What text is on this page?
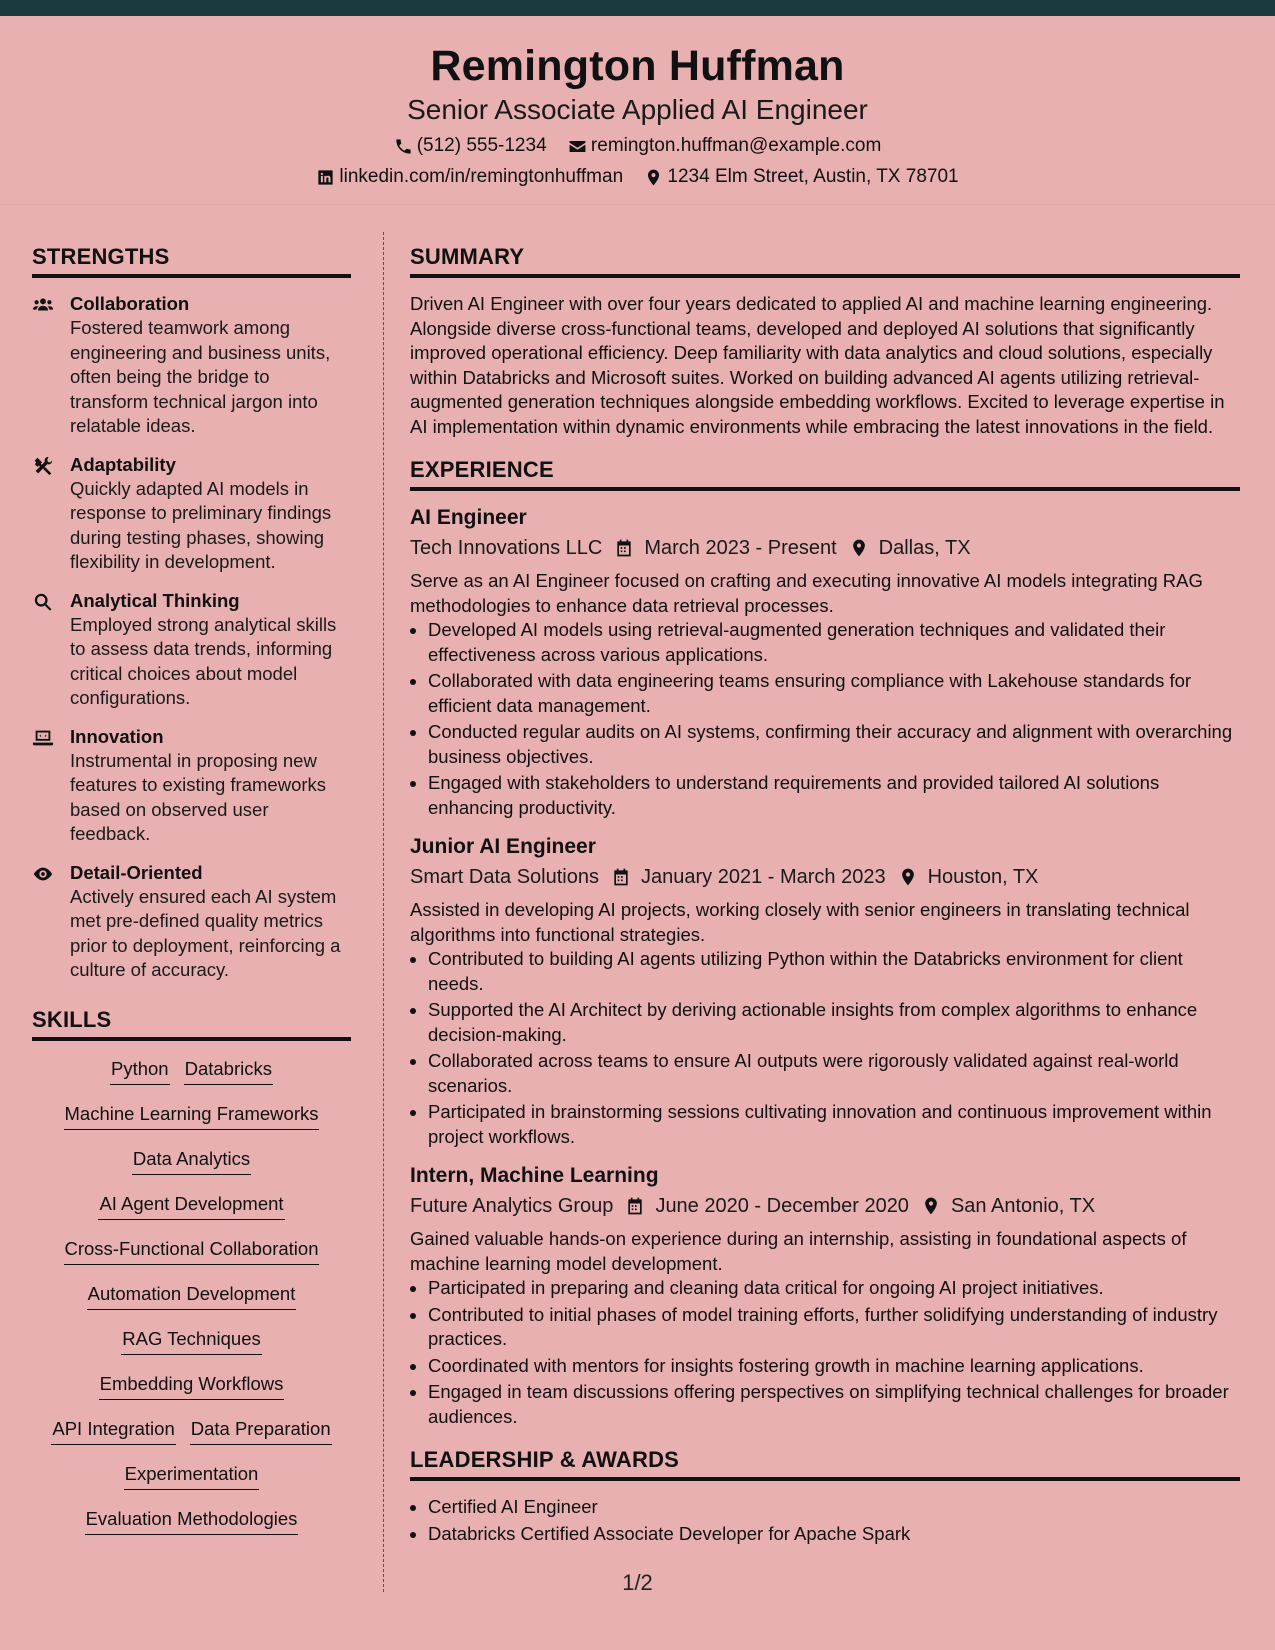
Remington Huffman
Senior Associate Applied AI Engineer
(512) 555-1234
remington.huffman@example.com
linkedin.com/in/remingtonhuffman
1234 Elm Street, Austin, TX 78701
STRENGTHS
Collaboration
Fostered teamwork among engineering and business units, often being the bridge to transform technical jargon into relatable ideas.
Adaptability
Quickly adapted AI models in response to preliminary findings during testing phases, showing flexibility in development.
Analytical Thinking
Employed strong analytical skills to assess data trends, informing critical choices about model configurations.
Innovation
Instrumental in proposing new features to existing frameworks based on observed user feedback.
Detail-Oriented
Actively ensured each AI system met pre-defined quality metrics prior to deployment, reinforcing a culture of accuracy.
SKILLS
Python Databricks
Machine Learning Frameworks
Data Analytics
AI Agent Development
Cross-Functional Collaboration
Automation Development
RAG Techniques
Embedding Workflows
API Integration Data Preparation
Experimentation
Evaluation Methodologies
SUMMARY
Driven AI Engineer with over four years dedicated to applied AI and machine learning engineering. Alongside diverse cross-functional teams, developed and deployed AI solutions that significantly improved operational efficiency. Deep familiarity with data analytics and cloud solutions, especially within Databricks and Microsoft suites. Worked on building advanced AI agents utilizing retrieval-augmented generation techniques alongside embedding workflows. Excited to leverage expertise in AI implementation within dynamic environments while embracing the latest innovations in the field.
EXPERIENCE
AI Engineer
Tech Innovations LLC March 2023 - Present Dallas, TX
Serve as an AI Engineer focused on crafting and executing innovative AI models integrating RAG methodologies to enhance data retrieval processes.
• Developed AI models using retrieval-augmented generation techniques and validated their effectiveness across various applications.
• Collaborated with data engineering teams ensuring compliance with Lakehouse standards for efficient data management.
• Conducted regular audits on AI systems, confirming their accuracy and alignment with overarching business objectives.
• Engaged with stakeholders to understand requirements and provided tailored AI solutions enhancing productivity.
Junior AI Engineer
Smart Data Solutions January 2021 - March 2023 Houston, TX
Assisted in developing AI projects, working closely with senior engineers in translating technical algorithms into functional strategies.
• Contributed to building AI agents utilizing Python within the Databricks environment for client needs.
• Supported the AI Architect by deriving actionable insights from complex algorithms to enhance decision-making.
• Collaborated across teams to ensure AI outputs were rigorously validated against real-world scenarios.
• Participated in brainstorming sessions cultivating innovation and continuous improvement within project workflows.
Intern, Machine Learning
Future Analytics Group June 2020 - December 2020 San Antonio, TX
Gained valuable hands-on experience during an internship, assisting in foundational aspects of machine learning model development.
• Participated in preparing and cleaning data critical for ongoing AI project initiatives.
• Contributed to initial phases of model training efforts, further solidifying understanding of industry practices.
• Coordinated with mentors for insights fostering growth in machine learning applications.
• Engaged in team discussions offering perspectives on simplifying technical challenges for broader audiences.
LEADERSHIP & AWARDS
• Certified AI Engineer
• Databricks Certified Associate Developer for Apache Spark
1/2
